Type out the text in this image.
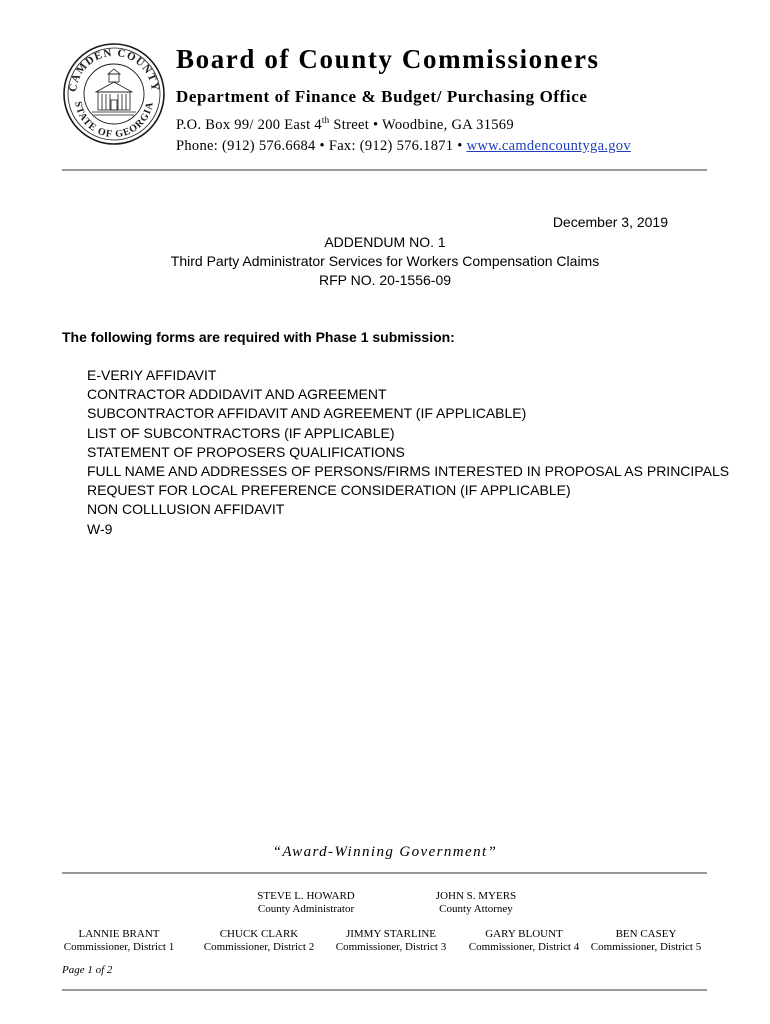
CAMDEN COUNTY
STATE OF GEORGIA
Board of County Commissioners
Department of Finance & Budget/ Purchasing Office
P.O. Box 99/ 200 East 4th Street • Woodbine, GA 31569
Phone: (912) 576.6684 • Fax: (912) 576.1871 • www.camdencountyga.gov
December 3, 2019
ADDENDUM NO. 1
Third Party Administrator Services for Workers Compensation Claims
RFP NO. 20-1556-09
The following forms are required with Phase 1 submission:
E-VERIY AFFIDAVIT
CONTRACTOR ADDIDAVIT AND AGREEMENT
SUBCONTRACTOR AFFIDAVIT AND AGREEMENT (IF APPLICABLE)
LIST OF SUBCONTRACTORS (IF APPLICABLE)
STATEMENT OF PROPOSERS QUALIFICATIONS
FULL NAME AND ADDRESSES OF PERSONS/FIRMS INTERESTED IN PROPOSAL AS PRINCIPALS
REQUEST FOR LOCAL PREFERENCE CONSIDERATION (IF APPLICABLE)
NON COLLLUSION AFFIDAVIT
W-9
“Award-Winning Government”
STEVE L. HOWARD
County Administrator
JOHN S. MYERS
County Attorney
LANNIE BRANT
Commissioner, District 1
CHUCK CLARK
Commissioner, District 2
JIMMY STARLINE
Commissioner, District 3
GARY BLOUNT
Commissioner, District 4
BEN CASEY
Commissioner, District 5
Page 1 of 2
